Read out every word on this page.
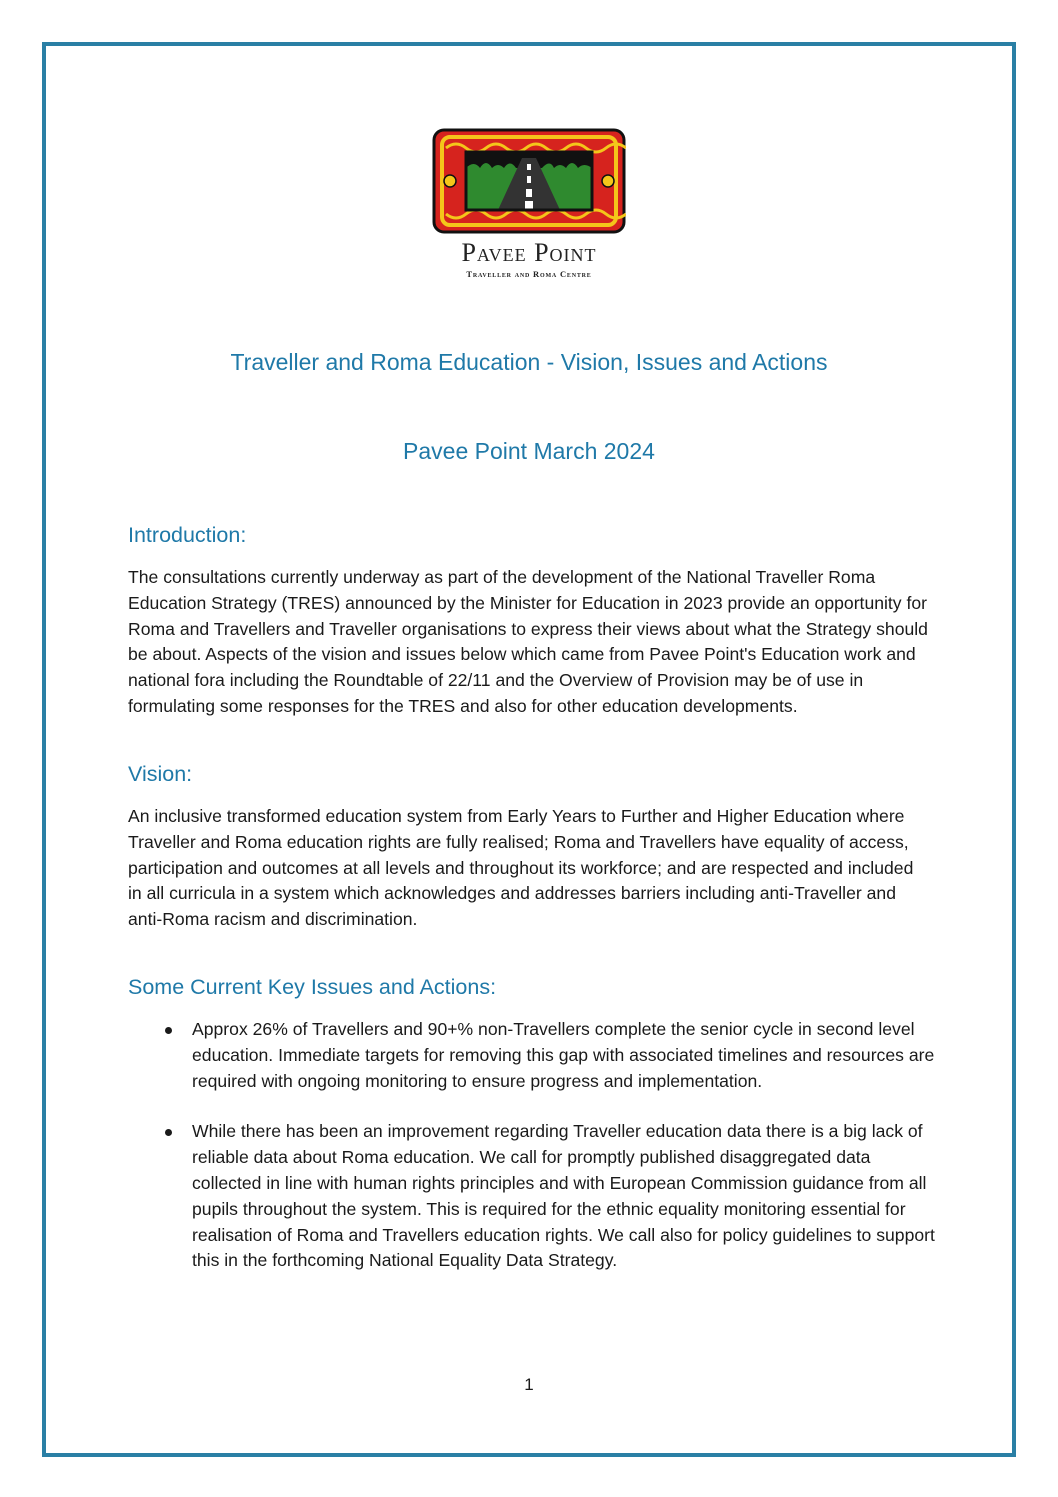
Pavee Point
Traveller and Roma Centre
Traveller and Roma Education - Vision, Issues and Actions
Pavee Point March 2024
Introduction:

The consultations currently underway as part of the development of the National Traveller Roma Education Strategy (TRES) announced by the Minister for Education in 2023 provide an opportunity for Roma and Travellers and Traveller organisations to express their views about what the Strategy should be about. Aspects of the vision and issues below which came from Pavee Point's Education work and national fora including the Roundtable of 22/11 and the Overview of Provision may be of use in formulating some responses for the TRES and also for other education developments.

Vision:

An inclusive transformed education system from Early Years to Further and Higher Education where Traveller and Roma education rights are fully realised; Roma and Travellers have equality of access, participation and outcomes at all levels and throughout its workforce; and are respected and included in all curricula in a system which acknowledges and addresses barriers including anti-Traveller and anti-Roma racism and discrimination.

Some Current Key Issues and Actions:
Approx 26% of Travellers and 90+% non-Travellers complete the senior cycle in second level education. Immediate targets for removing this gap with associated timelines and resources are required with ongoing monitoring to ensure progress and implementation.
While there has been an improvement regarding Traveller education data there is a big lack of reliable data about Roma education. We call for promptly published disaggregated data collected in line with human rights principles and with European Commission guidance from all pupils throughout the system. This is required for the ethnic equality monitoring essential for realisation of Roma and Travellers education rights. We call also for policy guidelines to support this in the forthcoming National Equality Data Strategy.
1
